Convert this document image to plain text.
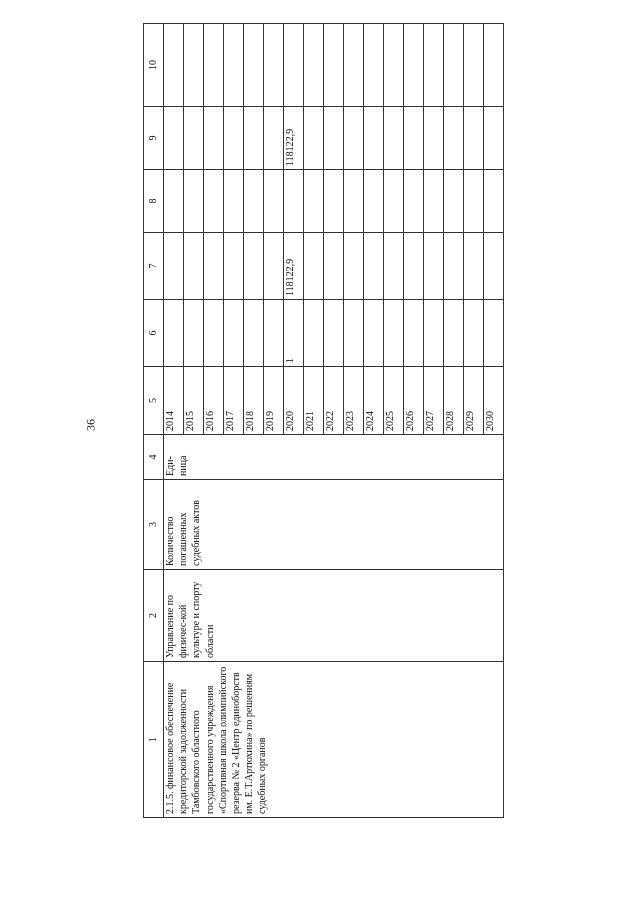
36
1	2	3	4	5	6	7	8	9	10	
2.1.5. финансовое обеспечение кредиторской задолженности Тамбовского областного государственного учреждения «Спортивная школа олимпийского резерва № 2 «Центр единоборств им. Е.Т.Артюхина» по решениям судебных органов	Управление по физичес-кой культуре и спорту области	Количество погашенных судебных актов	Еди-ница	2014						
				2015						
				2016						
				2017						
				2018						
				2019						
				2020	1	118122,9		118122,9		
				2021						
				2022						
				2023						
				2024						
				2025						
				2026						
				2027						
				2028						
				2029						
				2030						
